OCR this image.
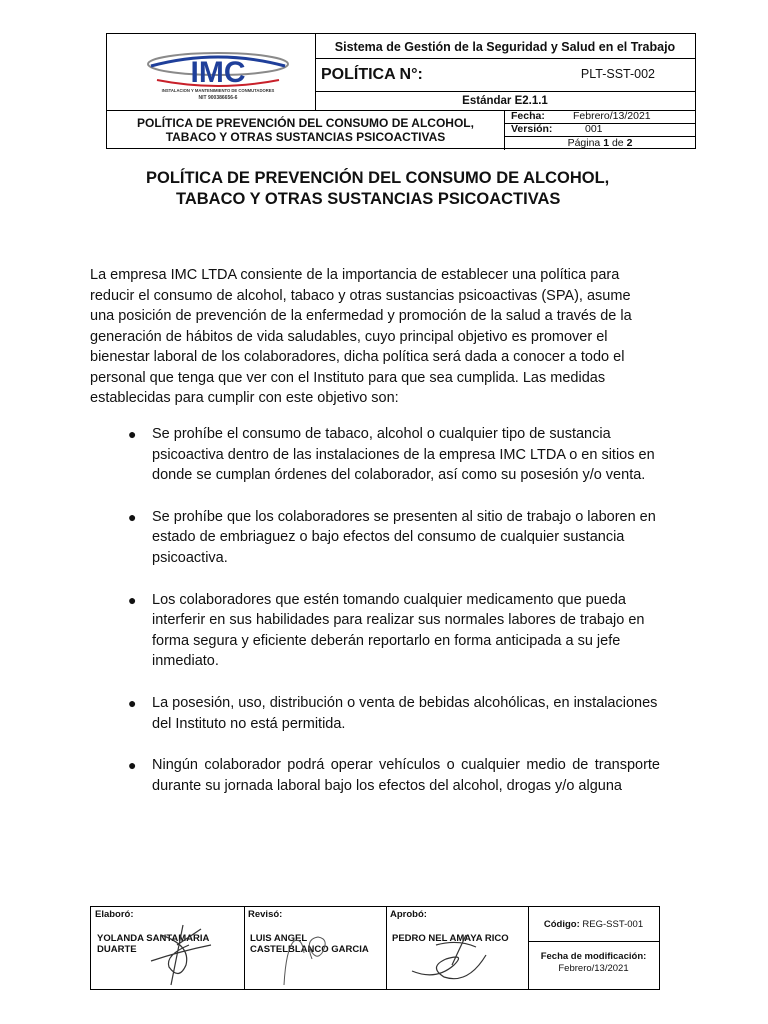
IMC
INSTALACION Y MANTENIMIENTO DE CONMUTADORES
NIT 900386656-6
Sistema de Gestión de la Seguridad y Salud en el Trabajo
POLÍTICA N°:	PLT-SST-002
Estándar E2.1.1
POLÍTICA DE PREVENCIÓN DEL CONSUMO DE ALCOHOL,
TABACO Y OTRAS SUSTANCIAS PSICOACTIVAS
Fecha:	Febrero/13/2021
Versión:	001
Página 1 de 2
POLÍTICA DE PREVENCIÓN DEL CONSUMO DE ALCOHOL,
TABACO Y OTRAS SUSTANCIAS PSICOACTIVAS

La empresa IMC LTDA consiente de la importancia de establecer una política para reducir el consumo de alcohol, tabaco y otras sustancias psicoactivas (SPA), asume una posición de prevención de la enfermedad y promoción de la salud a través de la generación de hábitos de vida saludables, cuyo principal objetivo es promover el bienestar laboral de los colaboradores, dicha política será dada a conocer a todo el personal que tenga que ver con el Instituto para que sea cumplida. Las medidas establecidas para cumplir con este objetivo son:

● Se prohíbe el consumo de tabaco, alcohol o cualquier tipo de sustancia psicoactiva dentro de las instalaciones de la empresa IMC LTDA o en sitios en donde se cumplan órdenes del colaborador, así como su posesión y/o venta.
● Se prohíbe que los colaboradores se presenten al sitio de trabajo o laboren en estado de embriaguez o bajo efectos del consumo de cualquier sustancia psicoactiva.
● Los colaboradores que estén tomando cualquier medicamento que pueda interferir en sus habilidades para realizar sus normales labores de trabajo en forma segura y eficiente deberán reportarlo en forma anticipada a su jefe inmediato.
● La posesión, uso, distribución o venta de bebidas alcohólicas, en instalaciones del Instituto no está permitida.
● Ningún colaborador podrá operar vehículos o cualquier medio de transporte durante su jornada laboral bajo los efectos del alcohol, drogas y/o alguna
Elaboró:
YOLANDA SANTAMARIA
DUARTE
Revisó:
LUIS ANGEL
CASTELBLANCO GARCIA
Aprobó:
PEDRO NEL AMAYA RICO
Código: REG-SST-001
Fecha de modificación:
Febrero/13/2021
